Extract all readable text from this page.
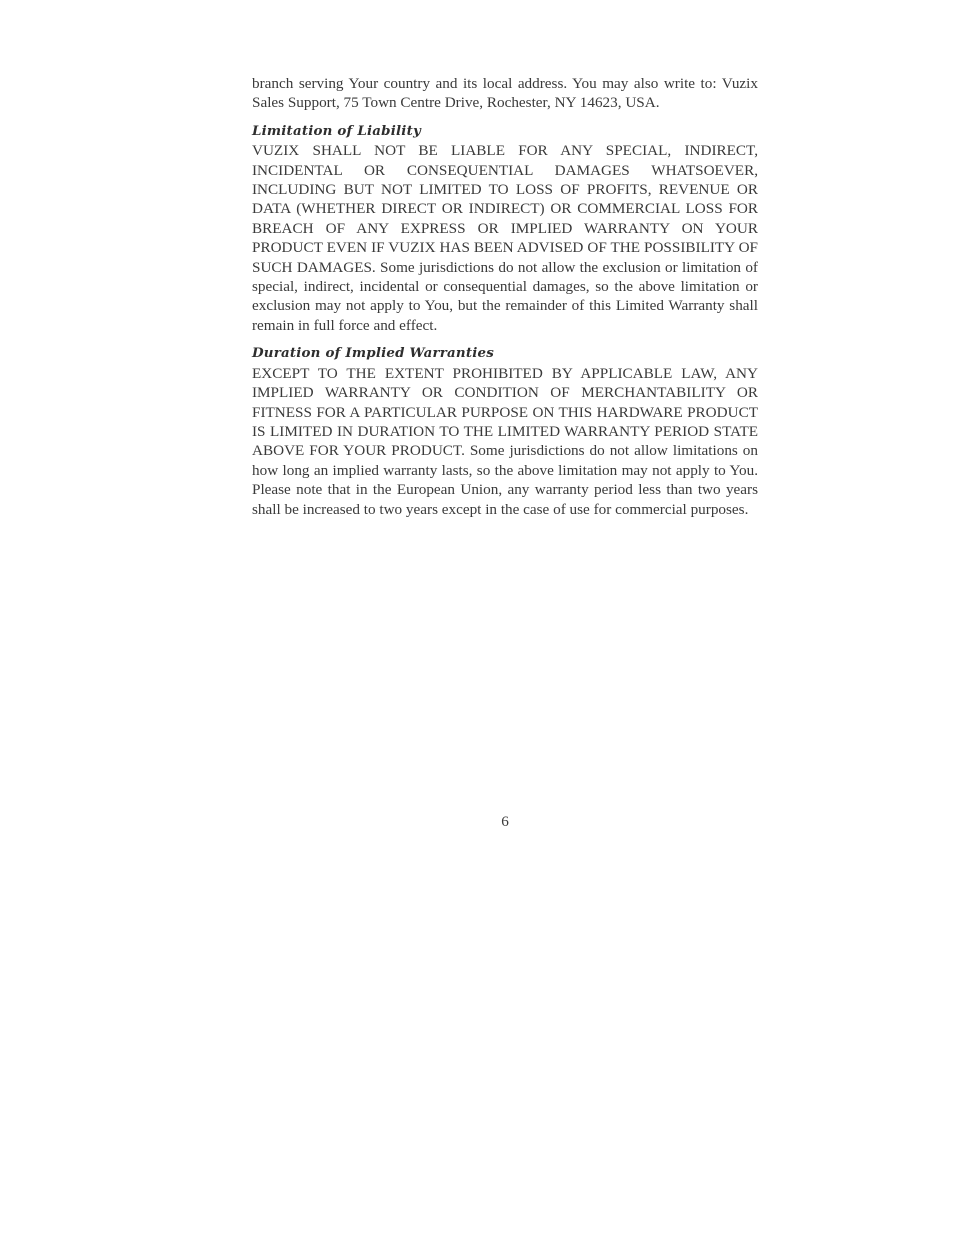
branch serving Your country and its local address. You may also write to: Vuzix Sales Support, 75 Town Centre Drive, Rochester, NY 14623, USA.

Limitation of Liability

VUZIX SHALL NOT BE LIABLE FOR ANY SPECIAL, INDIRECT, INCIDENTAL OR CONSEQUENTIAL DAMAGES WHATSOEVER, INCLUDING BUT NOT LIMITED TO LOSS OF PROFITS, REVENUE OR DATA (WHETHER DIRECT OR INDIRECT) OR COMMERCIAL LOSS FOR BREACH OF ANY EXPRESS OR IMPLIED WARRANTY ON YOUR PRODUCT EVEN IF VUZIX HAS BEEN ADVISED OF THE POSSIBILITY OF SUCH DAMAGES. Some jurisdictions do not allow the exclusion or limitation of special, indirect, incidental or consequential damages, so the above limitation or exclusion may not apply to You, but the remainder of this Limited Warranty shall remain in full force and effect.

Duration of Implied Warranties

EXCEPT TO THE EXTENT PROHIBITED BY APPLICABLE LAW, ANY IMPLIED WARRANTY OR CONDITION OF MERCHANTABILITY OR FITNESS FOR A PARTICULAR PURPOSE ON THIS HARDWARE PRODUCT IS LIMITED IN DURATION TO THE LIMITED WARRANTY PERIOD STATE ABOVE FOR YOUR PRODUCT. Some jurisdictions do not allow limitations on how long an implied warranty lasts, so the above limitation may not apply to You. Please note that in the European Union, any warranty period less than two years shall be increased to two years except in the case of use for commercial purposes.

6
